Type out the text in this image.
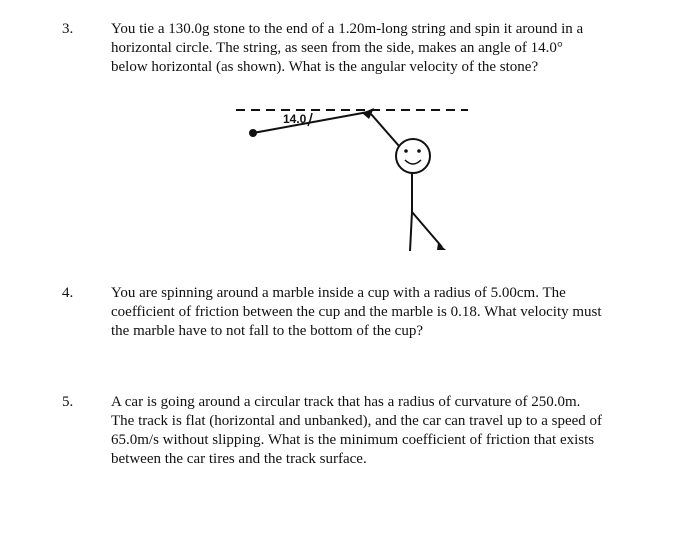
3.	You tie a 130.0g stone to the end of a 1.20m-long string and spin it around in a
horizontal circle. The string, as seen from the side, makes an angle of 14.0°
below horizontal (as shown). What is the angular velocity of the stone?
14.0
4.	You are spinning around a marble inside a cup with a radius of 5.00cm. The
coefficient of friction between the cup and the marble is 0.18. What velocity must
the marble have to not fall to the bottom of the cup?
5.	A car is going around a circular track that has a radius of curvature of 250.0m.
The track is flat (horizontal and unbanked), and the car can travel up to a speed of
65.0m/s without slipping. What is the minimum coefficient of friction that exists
between the car tires and the track surface.
